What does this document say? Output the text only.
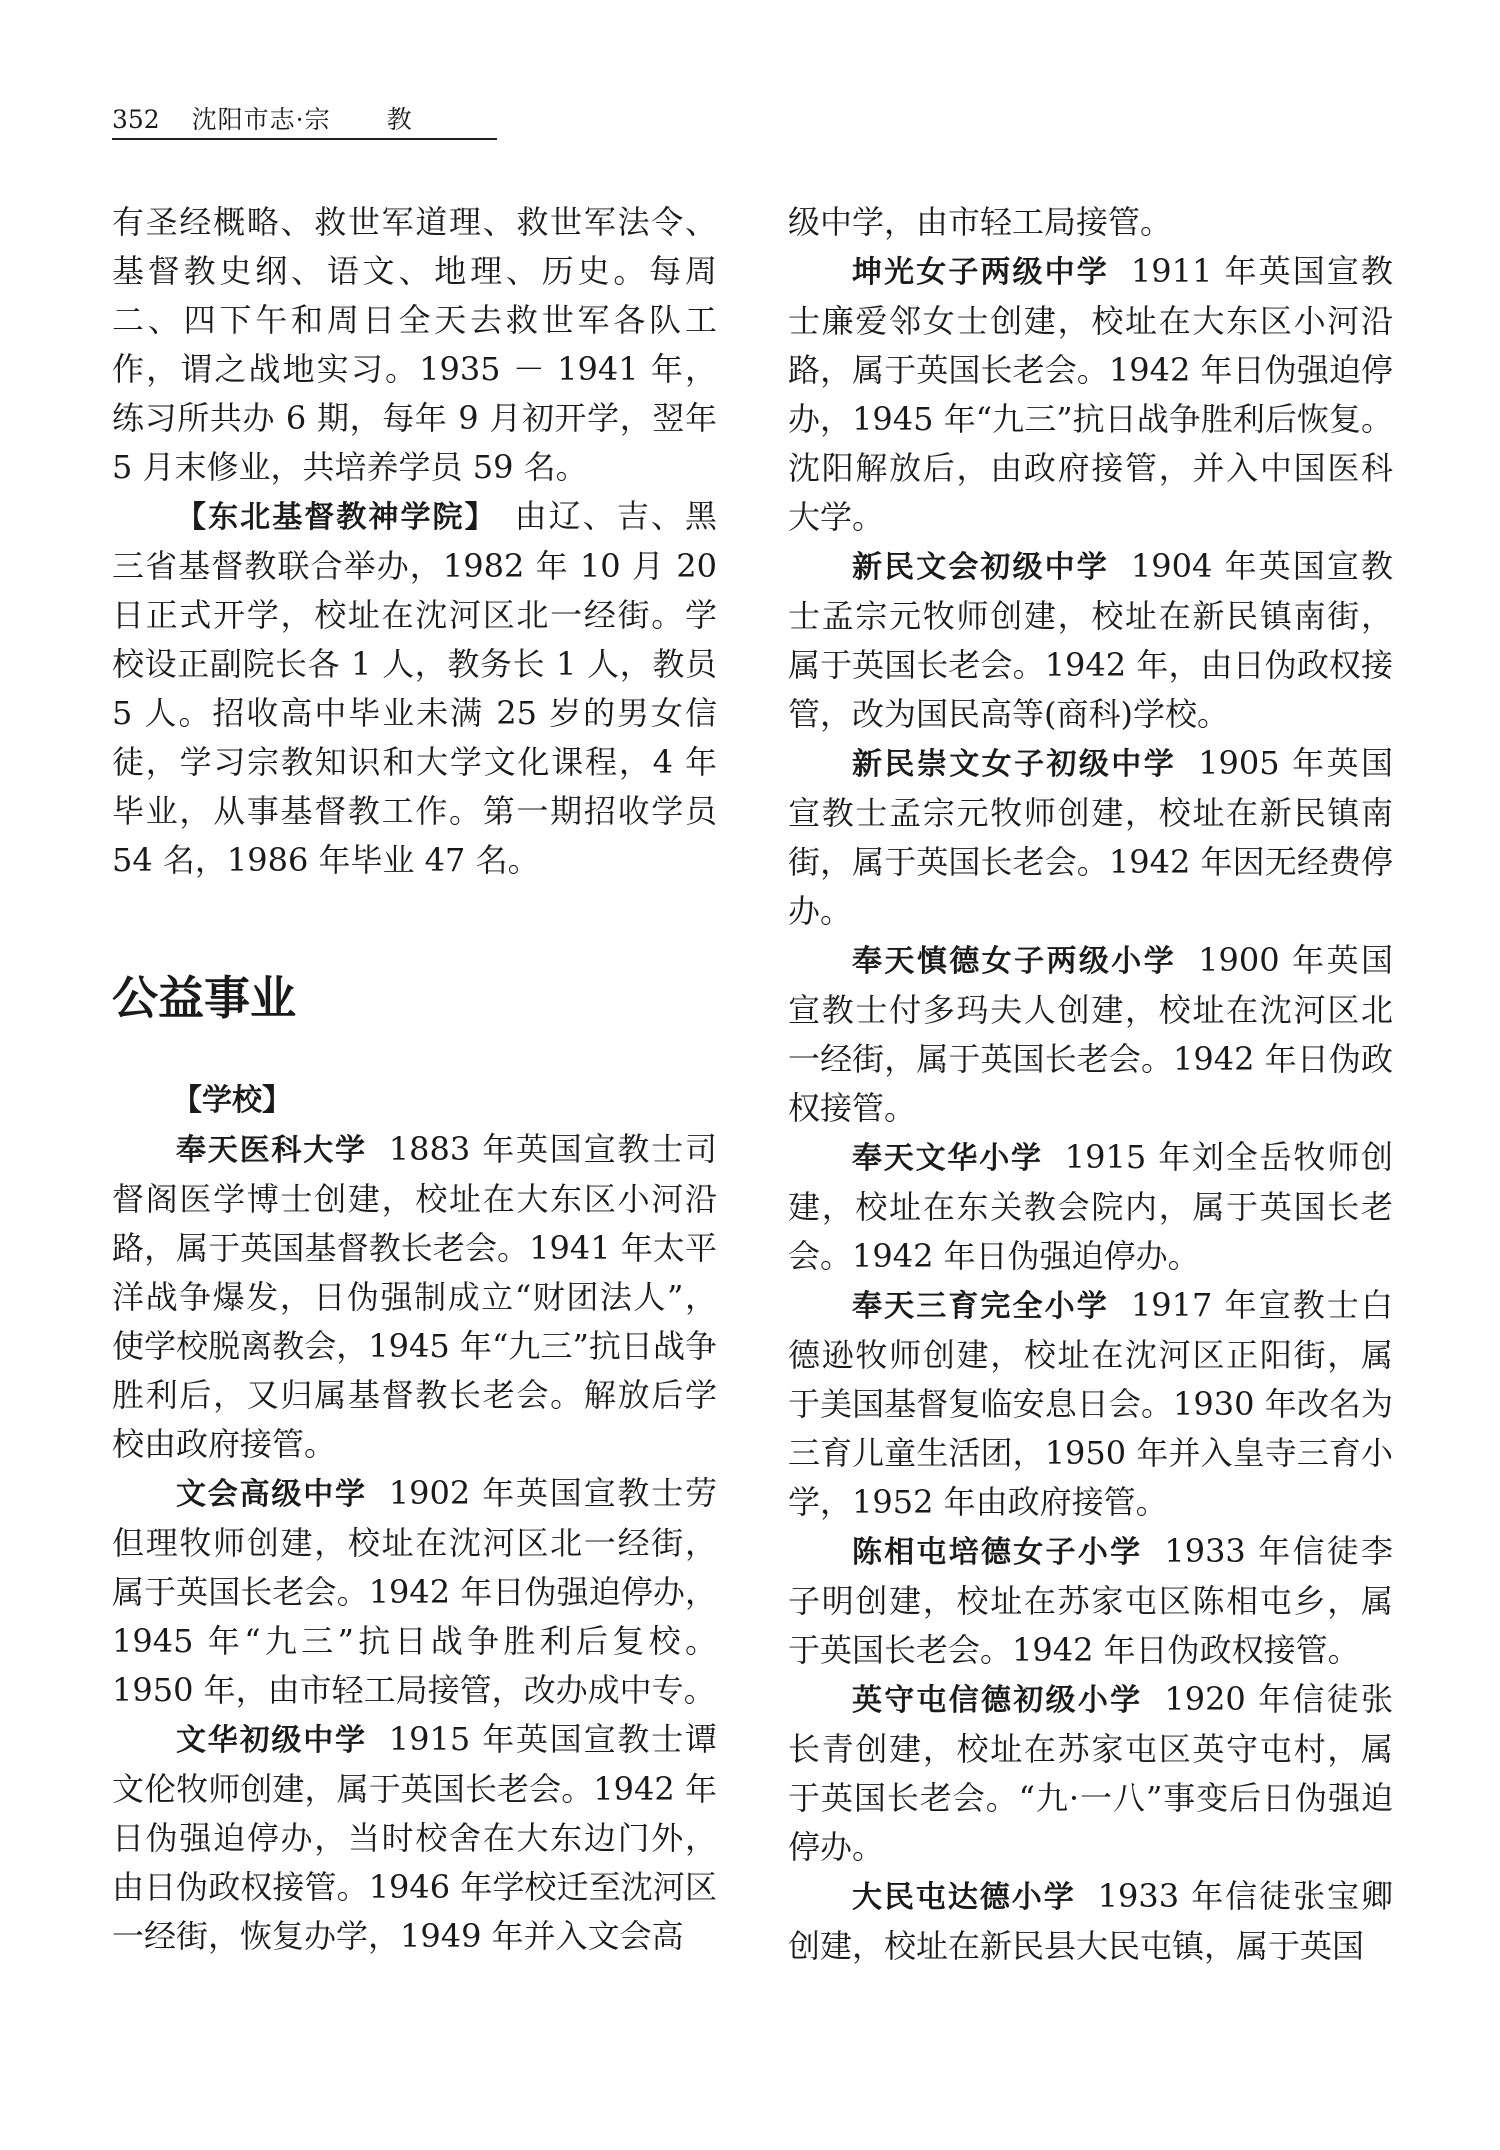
352 沈阳市志·宗 教

有圣经概略、救世军道理、救世军法令、基督教史纲、语文、地理、历史。每周二、四下午和周日全天去救世军各队工作，谓之战地实习。1935 － 1941 年，练习所共办 6 期，每年 9 月初开学，翌年 5 月末修业，共培养学员 59 名。

【东北基督教神学院】 由辽、吉、黑三省基督教联合举办，1982 年 10 月 20 日正式开学，校址在沈河区北一经街。学校设正副院长各 1 人，教务长 1 人，教员 5 人。招收高中毕业未满 25 岁的男女信徒，学习宗教知识和大学文化课程，4 年毕业，从事基督教工作。第一期招收学员 54 名，1986 年毕业 47 名。

公益事业

【学校】

奉天医科大学 1883 年英国宣教士司督阁医学博士创建，校址在大东区小河沿路，属于英国基督教长老会。1941 年太平洋战争爆发，日伪强制成立“财团法人”，使学校脱离教会，1945 年“九三”抗日战争胜利后，又归属基督教长老会。解放后学校由政府接管。

文会高级中学 1902 年英国宣教士劳但理牧师创建，校址在沈河区北一经街，属于英国长老会。1942 年日伪强迫停办，1945 年“九三”抗日战争胜利后复校。1950 年，由市轻工局接管，改办成中专。

文华初级中学 1915 年英国宣教士谭文伦牧师创建，属于英国长老会。1942 年日伪强迫停办，当时校舍在大东边门外，由日伪政权接管。1946 年学校迁至沈河区一经街，恢复办学，1949 年并入文会高

级中学，由市轻工局接管。

坤光女子两级中学 1911 年英国宣教士廉爱邻女士创建，校址在大东区小河沿路，属于英国长老会。1942 年日伪强迫停办，1945 年“九三”抗日战争胜利后恢复。沈阳解放后，由政府接管，并入中国医科大学。

新民文会初级中学 1904 年英国宣教士孟宗元牧师创建，校址在新民镇南街，属于英国长老会。1942 年，由日伪政权接管，改为国民高等(商科)学校。

新民崇文女子初级中学 1905 年英国宣教士孟宗元牧师创建，校址在新民镇南街，属于英国长老会。1942 年因无经费停办。

奉天慎德女子两级小学 1900 年英国宣教士付多玛夫人创建，校址在沈河区北一经街，属于英国长老会。1942 年日伪政权接管。

奉天文华小学 1915 年刘全岳牧师创建，校址在东关教会院内，属于英国长老会。1942 年日伪强迫停办。

奉天三育完全小学 1917 年宣教士白德逊牧师创建，校址在沈河区正阳街，属于美国基督复临安息日会。1930 年改名为三育儿童生活团，1950 年并入皇寺三育小学，1952 年由政府接管。

陈相屯培德女子小学 1933 年信徒李子明创建，校址在苏家屯区陈相屯乡，属于英国长老会。1942 年日伪政权接管。

英守屯信德初级小学 1920 年信徒张长青创建，校址在苏家屯区英守屯村，属于英国长老会。“九·一八”事变后日伪强迫停办。

大民屯达德小学 1933 年信徒张宝卿创建，校址在新民县大民屯镇，属于英国
